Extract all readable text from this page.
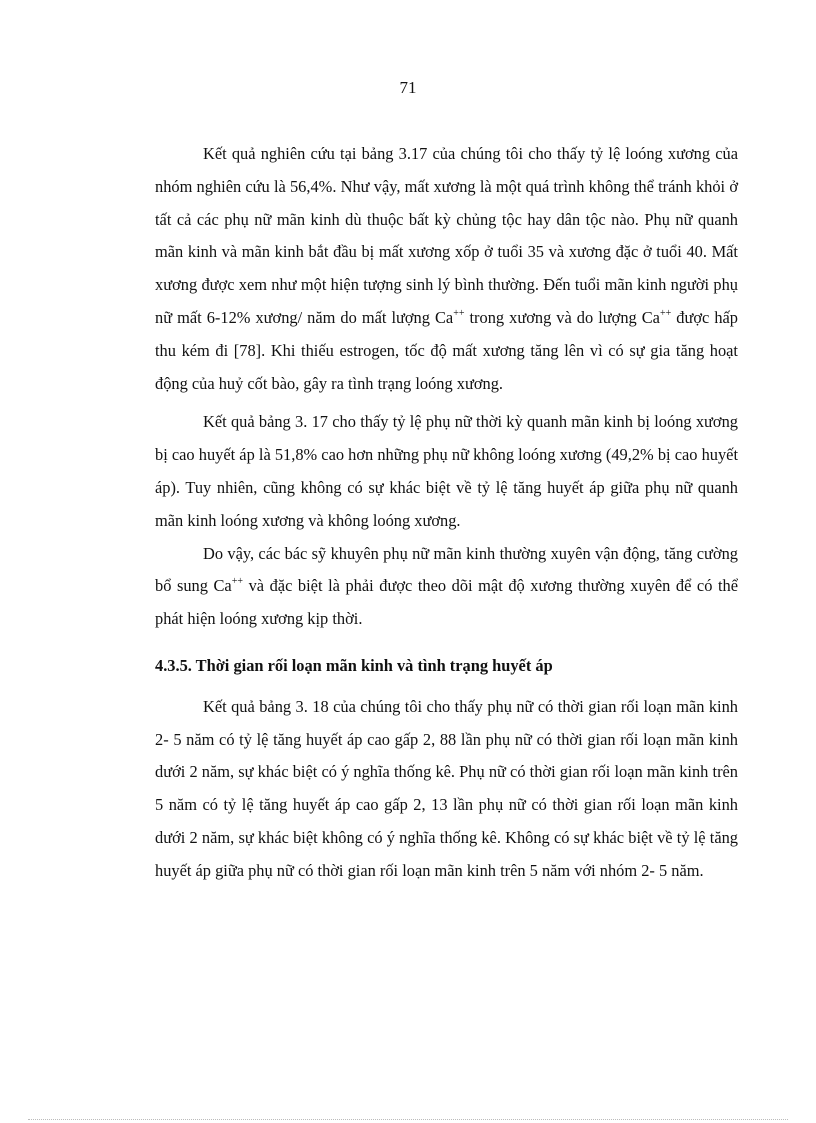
71

Kết quả nghiên cứu tại bảng 3.17 của chúng tôi cho thấy tỷ lệ loóng xương của nhóm nghiên cứu là 56,4%. Như vậy, mất xương là một quá trình không thể tránh khỏi ở tất cả các phụ nữ mãn kinh dù thuộc bất kỳ chủng tộc hay dân tộc nào. Phụ nữ quanh mãn kinh và mãn kinh bắt đầu bị mất xương xốp ở tuổi 35 và xương đặc ở tuổi 40. Mất xương được xem như một hiện tượng sinh lý bình thường. Đến tuổi mãn kinh người phụ nữ mất 6-12% xương/ năm do mất lượng Ca++ trong xương và do lượng Ca++ được hấp thu kém đi [78]. Khi thiếu estrogen, tốc độ mất xương tăng lên vì có sự gia tăng hoạt động của huỷ cốt bào, gây ra tình trạng loóng xương.

Kết quả bảng 3. 17 cho thấy tỷ lệ phụ nữ thời kỳ quanh mãn kinh bị loóng xương bị cao huyết áp là 51,8% cao hơn những phụ nữ không loóng xương (49,2% bị cao huyết áp). Tuy nhiên, cũng không có sự khác biệt về tỷ lệ tăng huyết áp giữa phụ nữ quanh mãn kinh loóng xương và không loóng xương.

Do vậy, các bác sỹ khuyên phụ nữ mãn kinh thường xuyên vận động, tăng cường bổ sung Ca++ và đặc biệt là phải được theo dõi mật độ xương thường xuyên để có thể phát hiện loóng xương kịp thời.

4.3.5. Thời gian rối loạn mãn kinh và tình trạng huyết áp

Kết quả bảng 3. 18 của chúng tôi cho thấy phụ nữ có thời gian rối loạn mãn kinh 2- 5 năm có tỷ lệ tăng huyết áp cao gấp 2, 88 lần phụ nữ có thời gian rối loạn mãn kinh dưới 2 năm, sự khác biệt có ý nghĩa thống kê. Phụ nữ có thời gian rối loạn mãn kinh trên 5 năm có tỷ lệ tăng huyết áp cao gấp 2, 13 lần phụ nữ có thời gian rối loạn mãn kinh dưới 2 năm, sự khác biệt không có ý nghĩa thống kê. Không có sự khác biệt về tỷ lệ tăng huyết áp giữa phụ nữ có thời gian rối loạn mãn kinh trên 5 năm với nhóm 2- 5 năm.
